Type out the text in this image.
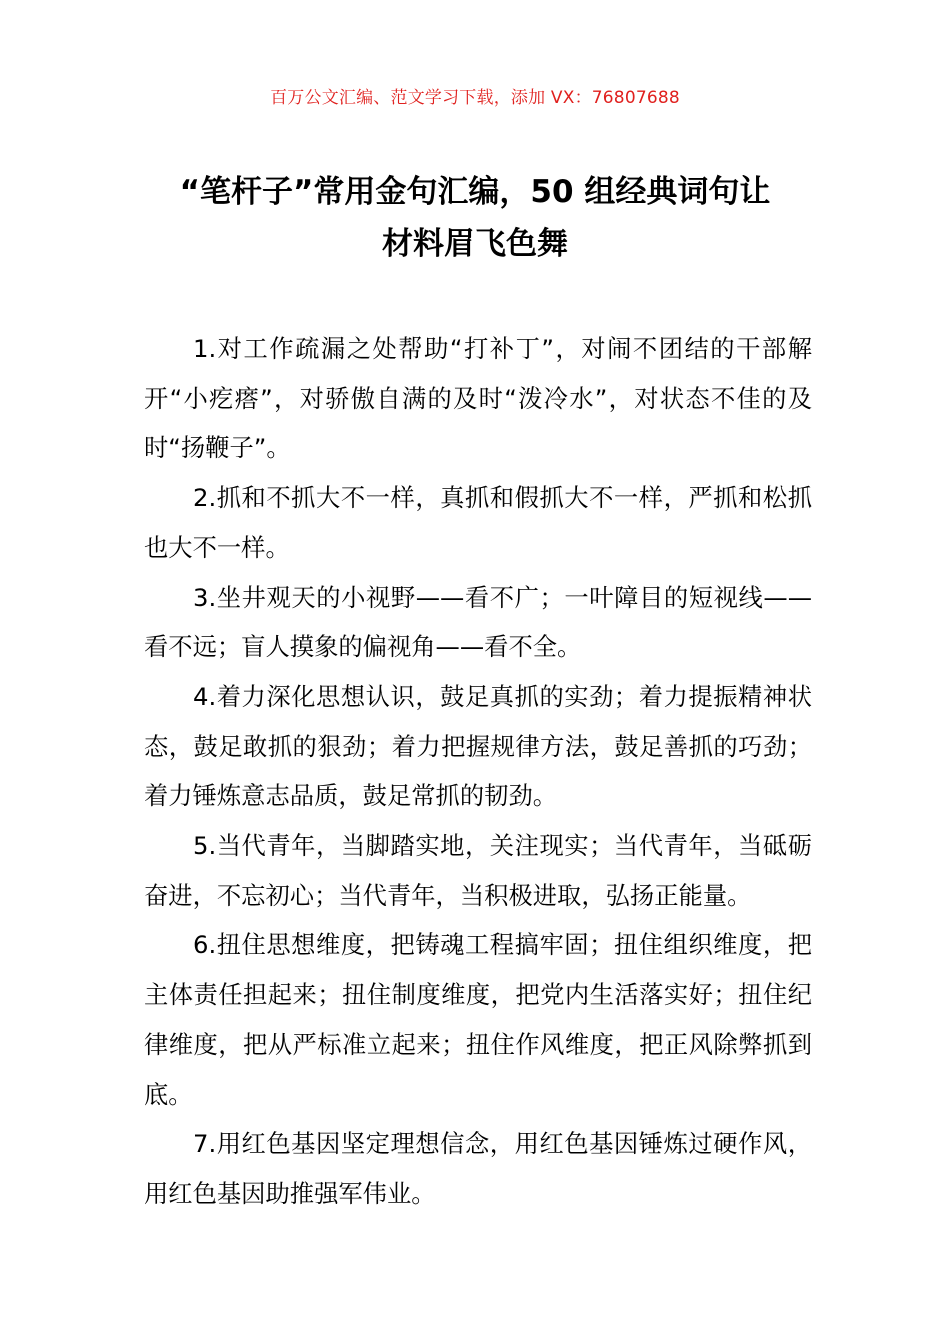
百万公文汇编、范文学习下载，添加 VX：76807688
“笔杆子”常用金句汇编，50 组经典词句让
材料眉飞色舞

1.对工作疏漏之处帮助“打补丁”，对闹不团结的干部解开“小疙瘩”，对骄傲自满的及时“泼冷水”，对状态不佳的及时“扬鞭子”。

2.抓和不抓大不一样，真抓和假抓大不一样，严抓和松抓也大不一样。

3.坐井观天的小视野——看不广；一叶障目的短视线——看不远；盲人摸象的偏视角——看不全。

4.着力深化思想认识，鼓足真抓的实劲；着力提振精神状态，鼓足敢抓的狠劲；着力把握规律方法，鼓足善抓的巧劲；着力锤炼意志品质，鼓足常抓的韧劲。

5.当代青年，当脚踏实地，关注现实；当代青年，当砥砺奋进，不忘初心；当代青年，当积极进取，弘扬正能量。

6.扭住思想维度，把铸魂工程搞牢固；扭住组织维度，把主体责任担起来；扭住制度维度，把党内生活落实好；扭住纪律维度，把从严标准立起来；扭住作风维度，把正风除弊抓到底。

7.用红色基因坚定理想信念，用红色基因锤炼过硬作风，用红色基因助推强军伟业。
